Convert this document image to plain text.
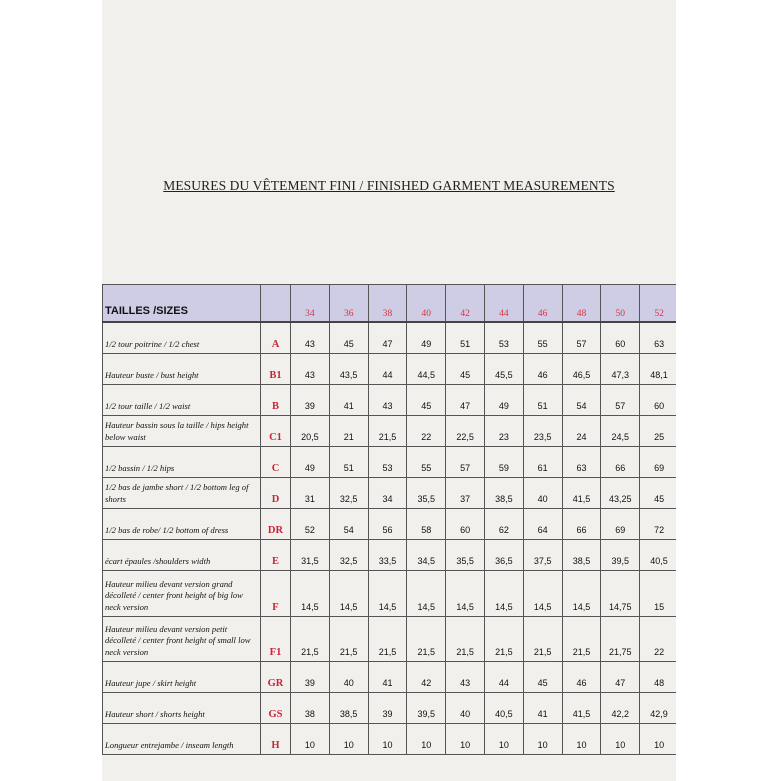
MESURES DU VÊTEMENT FINI / FINISHED GARMENT MEASUREMENTS
TAILLES /SIZES		34	36	38	40	42	44	46	48	50	52
1/2 tour poitrine / 1/2 chest	A	43	45	47	49	51	53	55	57	60	63
Hauteur buste / bust height	B1	43	43,5	44	44,5	45	45,5	46	46,5	47,3	48,1
1/2 tour taille / 1/2 waist	B	39	41	43	45	47	49	51	54	57	60
Hauteur bassin sous la taille / hips height below waist	C1	20,5	21	21,5	22	22,5	23	23,5	24	24,5	25
1/2 bassin / 1/2 hips	C	49	51	53	55	57	59	61	63	66	69
1/2 bas de jambe short / 1/2 bottom leg of shorts	D	31	32,5	34	35,5	37	38,5	40	41,5	43,25	45
1/2 bas de robe/ 1/2 bottom of dress	DR	52	54	56	58	60	62	64	66	69	72
écart épaules /shoulders width	E	31,5	32,5	33,5	34,5	35,5	36,5	37,5	38,5	39,5	40,5
Hauteur milieu devant version grand décolleté / center front height of big low neck version	F	14,5	14,5	14,5	14,5	14,5	14,5	14,5	14,5	14,75	15
Hauteur milieu devant version petit décolleté / center front height of small low neck version	F1	21,5	21,5	21,5	21,5	21,5	21,5	21,5	21,5	21,75	22
Hauteur jupe / skirt height	GR	39	40	41	42	43	44	45	46	47	48
Hauteur short / shorts height	GS	38	38,5	39	39,5	40	40,5	41	41,5	42,2	42,9
Longueur entrejambe / inseam length	H	10	10	10	10	10	10	10	10	10	10
